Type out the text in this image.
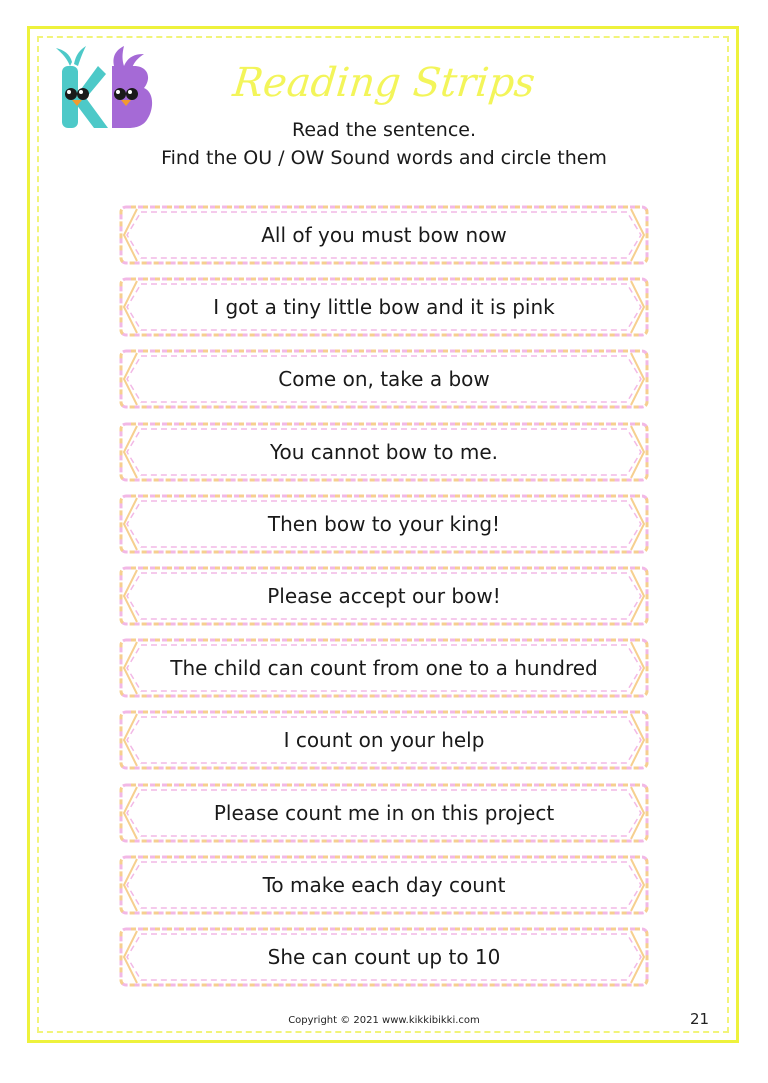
Reading Strips

Read the sentence.

Find the OU / OW Sound words and circle them

All of you must bow now
I got a tiny little bow and it is pink
Come on, take a bow
You cannot bow to me.
Then bow to your king!
Please accept our bow!
The child can count from one to a hundred
I count on your help
Please count me in on this project
To make each day count
She can count up to 10
Copyright © 2021 www.kikkibikki.com	21
